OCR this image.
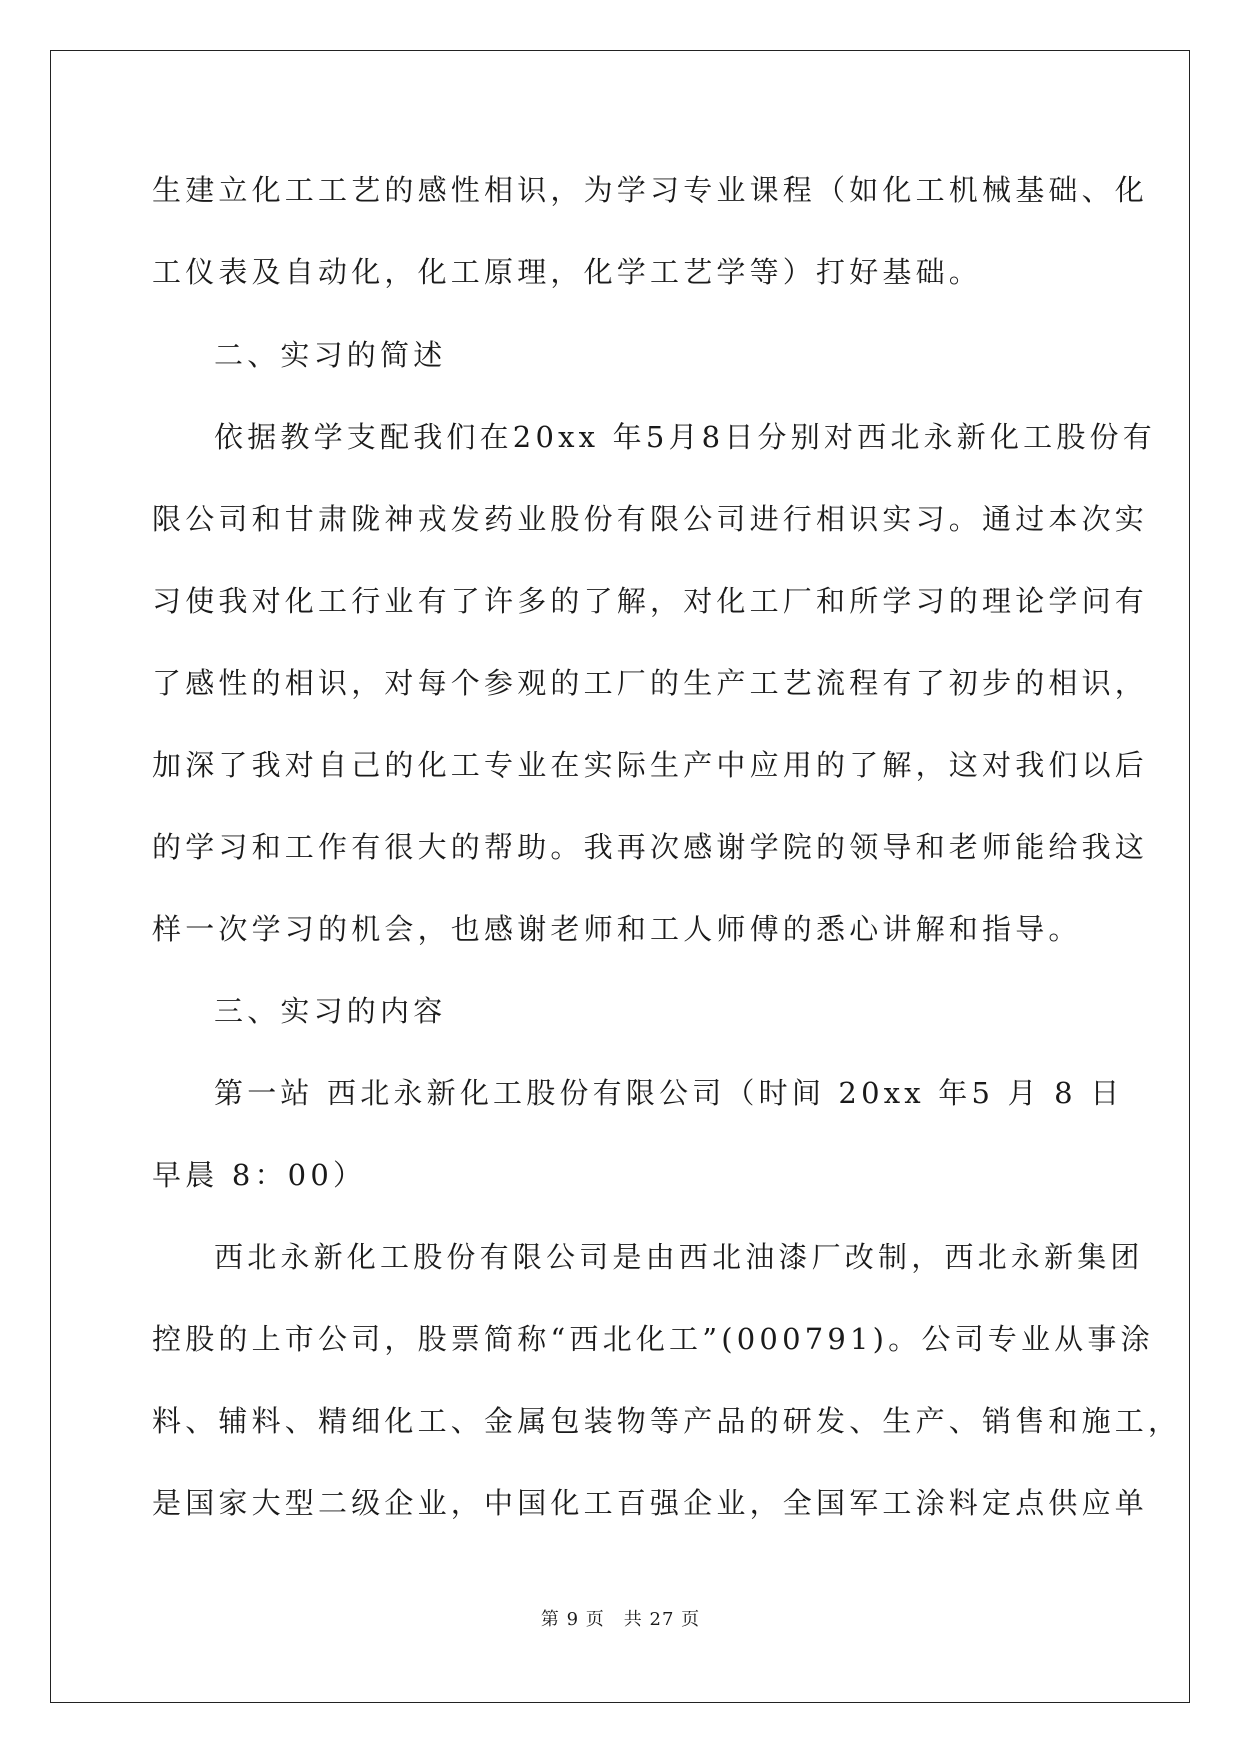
生建立化工工艺的感性相识，为学习专业课程（如化工机械基础、化
工仪表及自动化，化工原理，化学工艺学等）打好基础。
二、实习的简述
依据教学支配我们在20xx 年5月8日分别对西北永新化工股份有
限公司和甘肃陇神戎发药业股份有限公司进行相识实习。通过本次实
习使我对化工行业有了许多的了解，对化工厂和所学习的理论学问有
了感性的相识，对每个参观的工厂的生产工艺流程有了初步的相识，
加深了我对自己的化工专业在实际生产中应用的了解，这对我们以后
的学习和工作有很大的帮助。我再次感谢学院的领导和老师能给我这
样一次学习的机会，也感谢老师和工人师傅的悉心讲解和指导。
三、实习的内容
第一站 西北永新化工股份有限公司（时间 20xx 年5 月 8 日
早晨 8：00）
西北永新化工股份有限公司是由西北油漆厂改制，西北永新集团
控股的上市公司，股票简称“西北化工”(000791)。公司专业从事涂
料、辅料、精细化工、金属包装物等产品的研发、生产、销售和施工，
是国家大型二级企业，中国化工百强企业，全国军工涂料定点供应单
第 9 页　共 27 页
